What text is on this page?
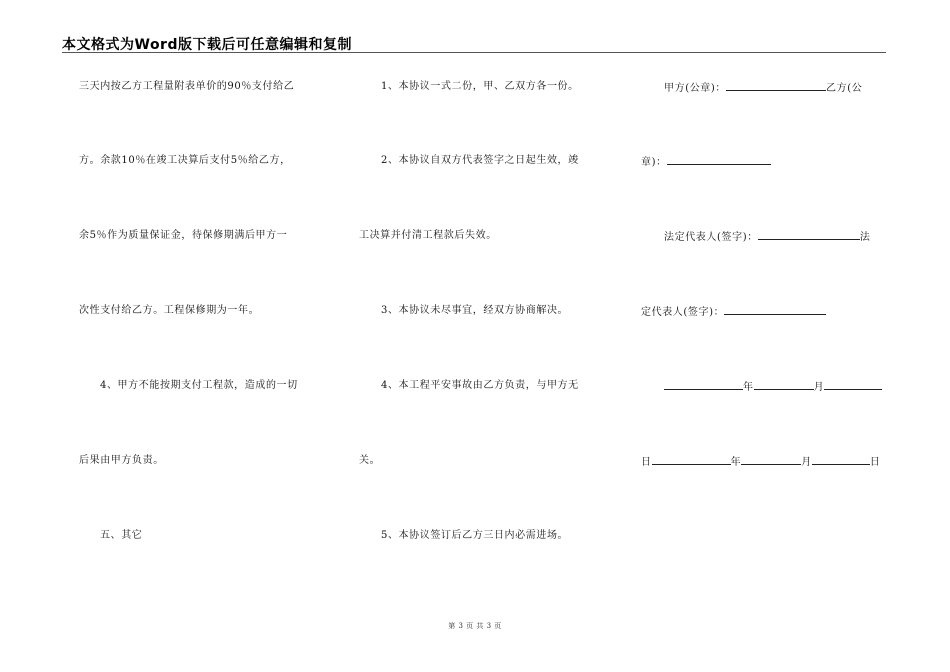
本文格式为Word版下载后可任意编辑和复制
三天内按乙方工程量附表单价的90％支付给乙
方。余款10％在竣工决算后支付5％给乙方，
余5％作为质量保证金，待保修期满后甲方一
次性支付给乙方。工程保修期为一年。
4、甲方不能按期支付工程款，造成的一切
后果由甲方负责。
五、其它
1、本协议一式二份，甲、乙双方各一份。
2、本协议自双方代表签字之日起生效，竣
工决算并付清工程款后失效。
3、本协议未尽事宜，经双方协商解决。
4、本工程平安事故由乙方负责，与甲方无
关。
5、本协议签订后乙方三日内必需进场。
甲方(公章)：	乙方(公
章)：
法定代表人(签字)：	法
定代表人(签字)：
年	月
日	年	月	日
第 3 页 共 3 页
